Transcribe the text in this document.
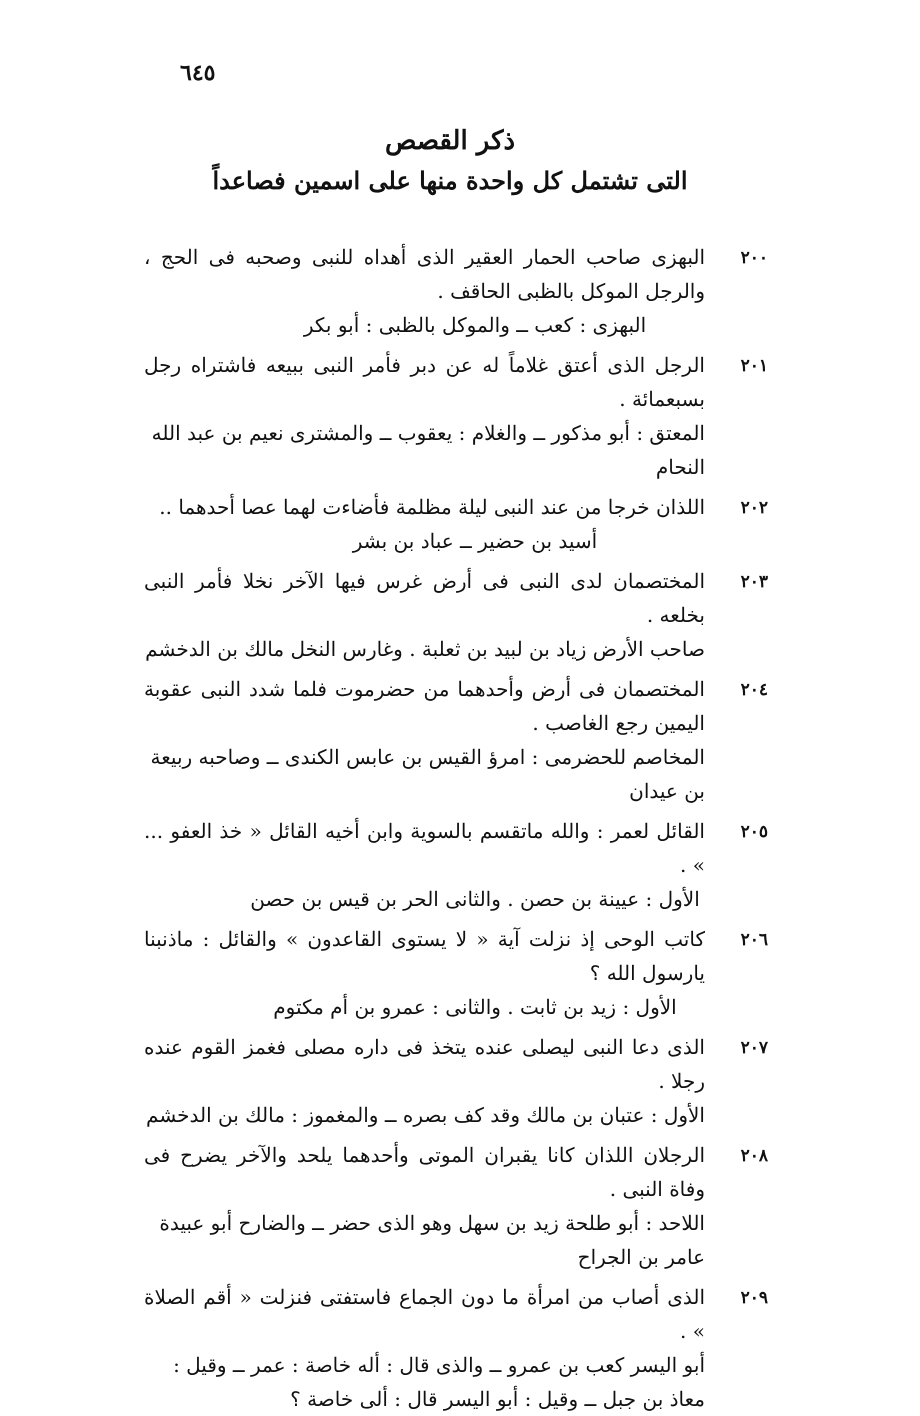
٦٤٥
ذكر القصص
التى تشتمل كل واحدة منها على اسمين فصاعداً
٢٠٠
البهزى صاحب الحمار العقير الذى أهداه للنبى وصحبه فى الحج ، والرجل الموكل بالظبى الحاقف .
البهزى : كعب ــ والموكل بالظبى : أبو بكر
٢٠١
الرجل الذى أعتق غلاماً له عن دبر فأمر النبى ببيعه فاشتراه رجل بسبعمائة .
المعتق : أبو مذكور ــ والغلام : يعقوب ــ والمشترى نعيم بن عبد الله النحام
٢٠٢
اللذان خرجا من عند النبى ليلة مظلمة فأضاءت لهما عصا أحدهما ..
أسيد بن حضير ــ عباد بن بشر
٢٠٣
المختصمان لدى النبى فى أرض غرس فيها الآخر نخلا فأمر النبى بخلعه .
صاحب الأرض زياد بن لبيد بن ثعلبة . وغارس النخل مالك بن الدخشم
٢٠٤
المختصمان فى أرض وأحدهما من حضرموت فلما شدد النبى عقوبة اليمين رجع الغاصب .
المخاصم للحضرمى : امرؤ القيس بن عابس الكندى ــ وصاحبه ربيعة بن عيدان
٢٠٥
القائل لعمر : والله ماتقسم بالسوية وابن أخيه القائل « خذ العفو ... » .
الأول : عيينة بن حصن . والثانى الحر بن قيس بن حصن
٢٠٦
كاتب الوحى إذ نزلت آية « لا يستوى القاعدون » والقائل : ماذنبنا يارسول الله ؟
الأول : زيد بن ثابت . والثانى : عمرو بن أم مكتوم
٢٠٧
الذى دعا النبى ليصلى عنده يتخذ فى داره مصلى فغمز القوم عنده رجلا .
الأول : عتبان بن مالك وقد كف بصره ــ والمغموز : مالك بن الدخشم
٢٠٨
الرجلان اللذان كانا يقبران الموتى وأحدهما يلحد والآخر يضرح فى وفاة النبى .
اللاحد : أبو طلحة زيد بن سهل وهو الذى حضر ــ والضارح أبو عبيدة عامر بن الجراح
٢٠٩
الذى أصاب من امرأة ما دون الجماع فاستفتى فنزلت « أقم الصلاة » .
أبو اليسر كعب بن عمرو ــ والذى قال : أله خاصة : عمر ــ وقيل : معاذ بن جبل ــ وقيل : أبو اليسر قال : ألى خاصة ؟
